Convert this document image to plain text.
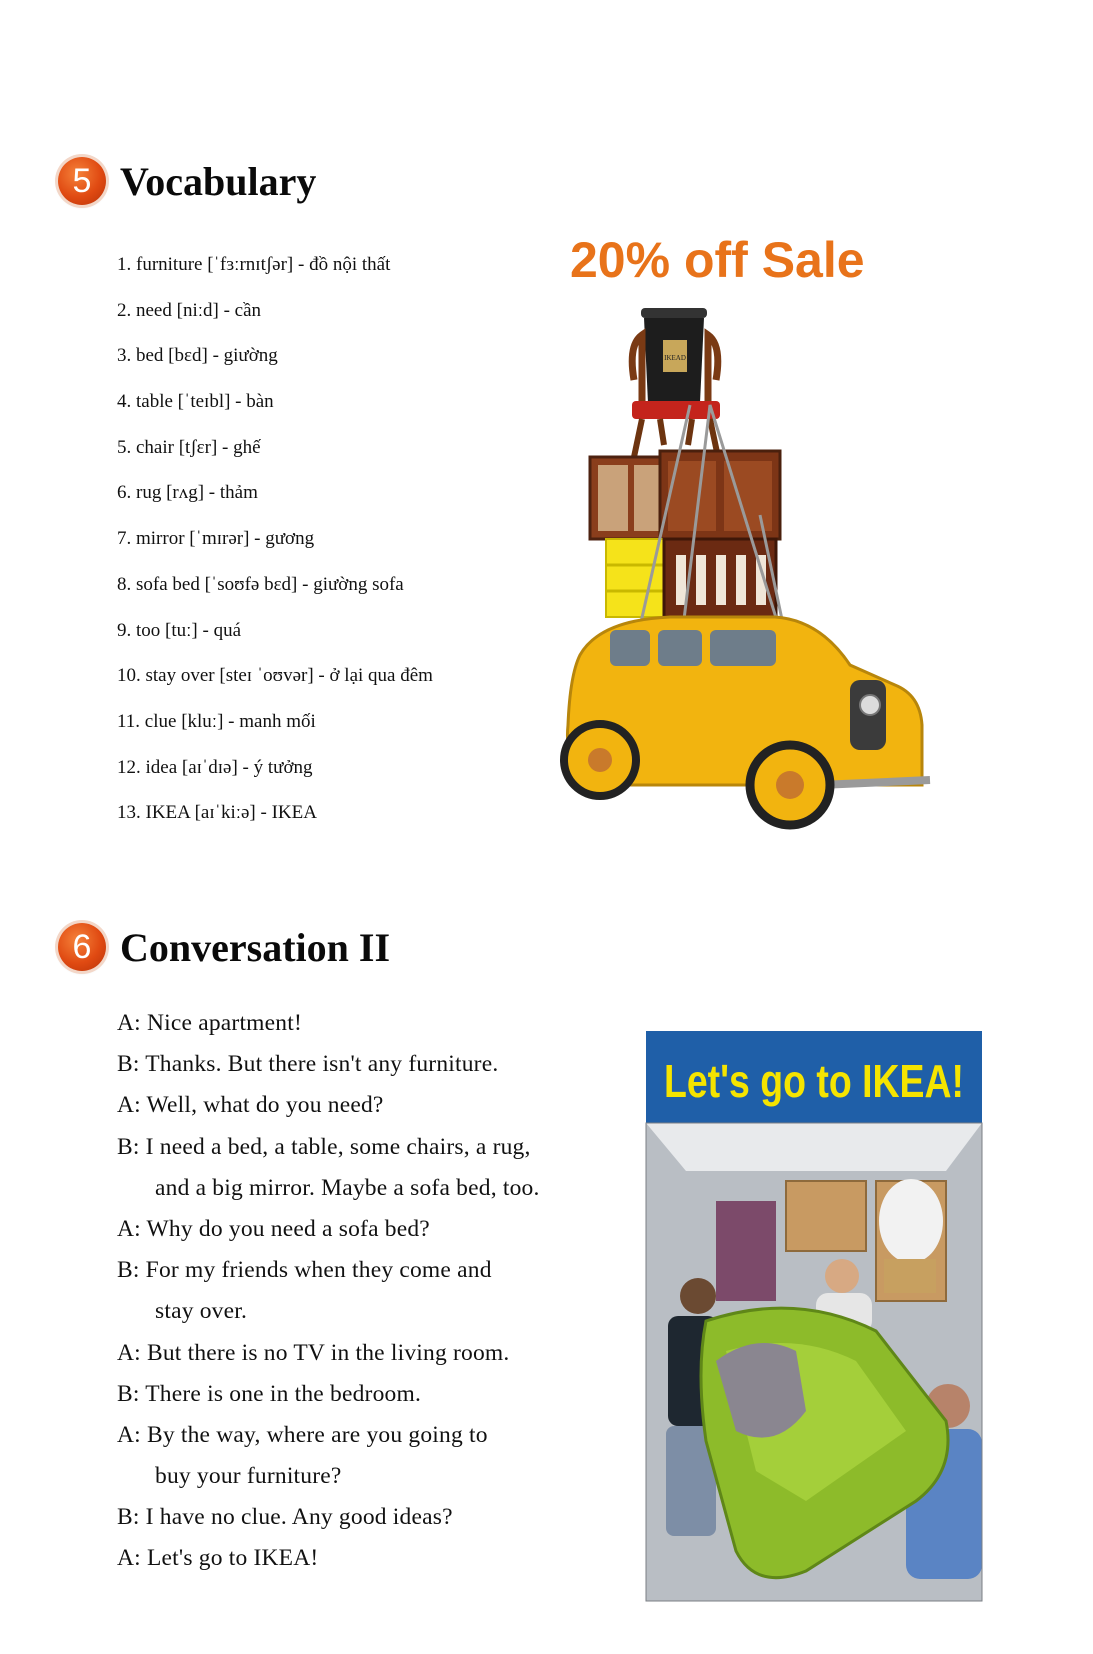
5 Vocabulary
1. furniture [ˈfɜːrnɪtʃər] - đồ nội thất
2. need [niːd] - cần
3. bed [bɛd] - giường
4. table [ˈteɪbl] - bàn
5. chair [tʃɛr] - ghế
6. rug [rʌg] - thảm
7. mirror [ˈmɪrər] - gương
8. sofa bed [ˈsoʊfə bɛd] - giường sofa
9. too [tuː] - quá
10. stay over [steɪ ˈoʊvər] - ở lại qua đêm
11. clue [kluː] - manh mối
12. idea [aɪˈdɪə] - ý tưởng
13. IKEA [aɪˈkiːə] - IKEA
20% off Sale
IKEAD
6 Conversation II
A: Nice apartment!
B: Thanks. But there isn't any furniture.
A: Well, what do you need?
B: I need a bed, a table, some chairs, a rug,
and a big mirror. Maybe a sofa bed, too.
A: Why do you need a sofa bed?
B: For my friends when they come and
stay over.
A: But there is no TV in the living room.
B: There is one in the bedroom.
A: By the way, where are you going to
buy your furniture?
B: I have no clue. Any good ideas?
A: Let's go to IKEA!
Let's go to IKEA!
